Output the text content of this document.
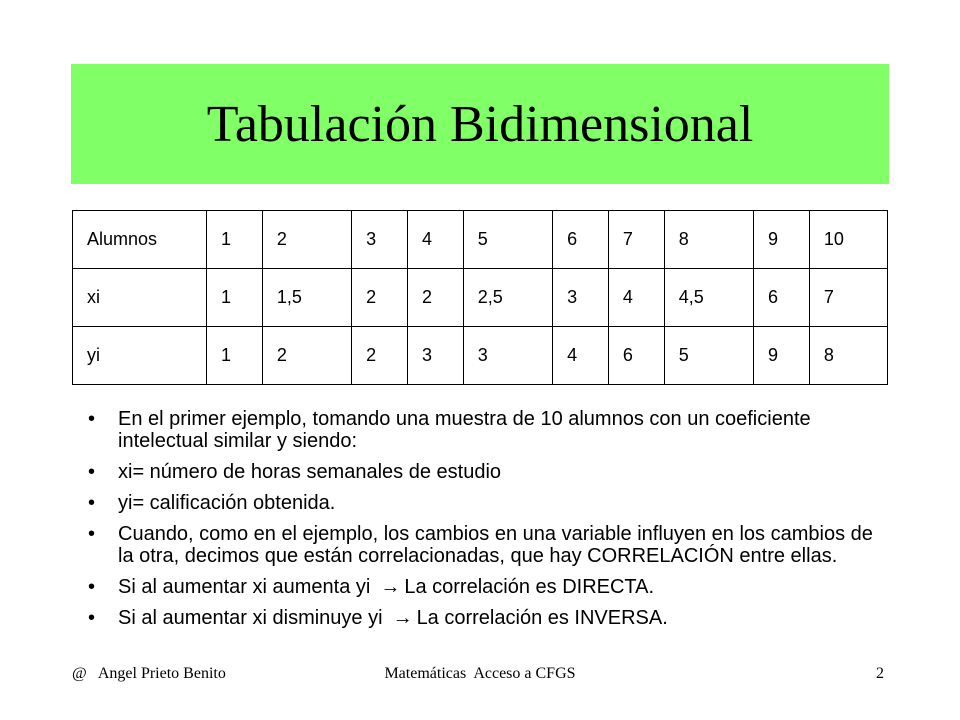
Tabulación Bidimensional
Alumnos	1	2	3	4	5	6	7	8	9	10
xi	1	1,5	2	2	2,5	3	4	4,5	6	7
yi	1	2	2	3	3	4	6	5	9	8
• En el primer ejemplo, tomando una muestra de 10 alumnos con un coeficiente intelectual similar y siendo:
• xi= número de horas semanales de estudio
• yi= calificación obtenida.
• Cuando, como en el ejemplo, los cambios en una variable influyen en los cambios de la otra, decimos que están correlacionadas, que hay CORRELACIÓN entre ellas.
• Si al aumentar xi aumenta yi → La correlación es DIRECTA.
• Si al aumentar xi disminuye yi → La correlación es INVERSA.
@   Angel Prieto Benito	Matemáticas  Acceso a CFGS	2
